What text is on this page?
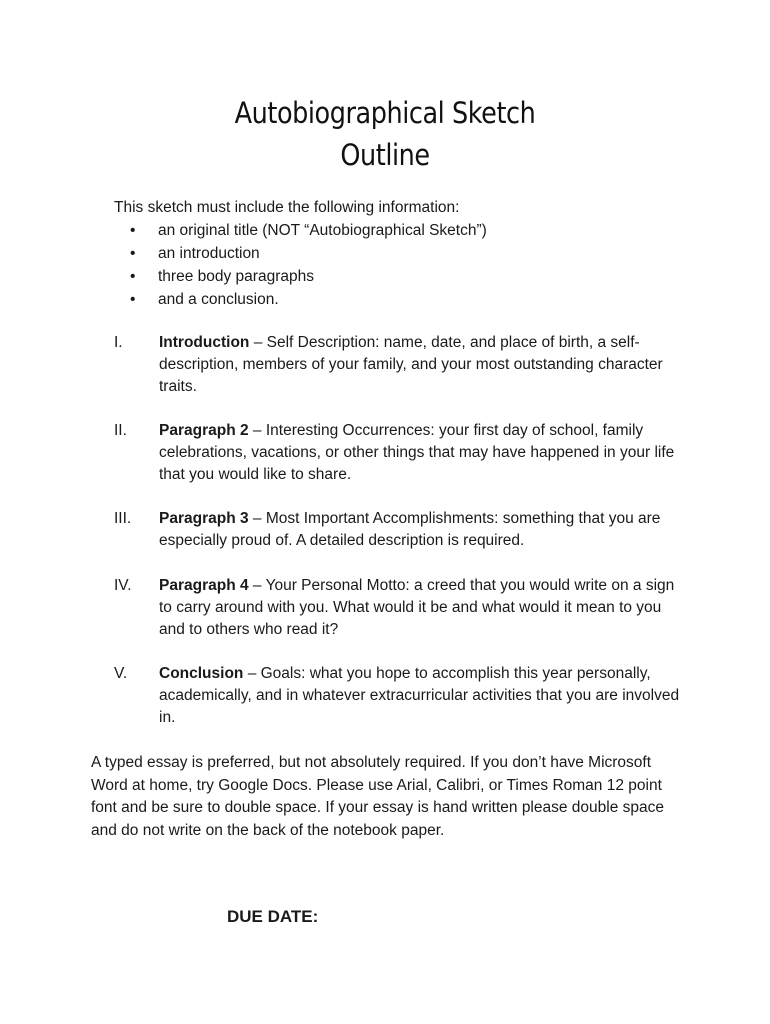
Autobiographical Sketch
Outline
This sketch must include the following information:
• an original title (NOT “Autobiographical Sketch”)
• an introduction
• three body paragraphs
• and a conclusion.
I. Introduction – Self Description: name, date, and place of birth, a self-description, members of your family, and your most outstanding character traits.
II. Paragraph 2 – Interesting Occurrences: your first day of school, family celebrations, vacations, or other things that may have happened in your life that you would like to share.
III. Paragraph 3 – Most Important Accomplishments: something that you are especially proud of. A detailed description is required.
IV. Paragraph 4 – Your Personal Motto: a creed that you would write on a sign to carry around with you. What would it be and what would it mean to you and to others who read it?
V. Conclusion – Goals: what you hope to accomplish this year personally, academically, and in whatever extracurricular activities that you are involved in.
A typed essay is preferred, but not absolutely required. If you don’t have Microsoft Word at home, try Google Docs. Please use Arial, Calibri, or Times Roman 12 point font and be sure to double space. If your essay is hand written please double space and do not write on the back of the notebook paper.
DUE DATE:
